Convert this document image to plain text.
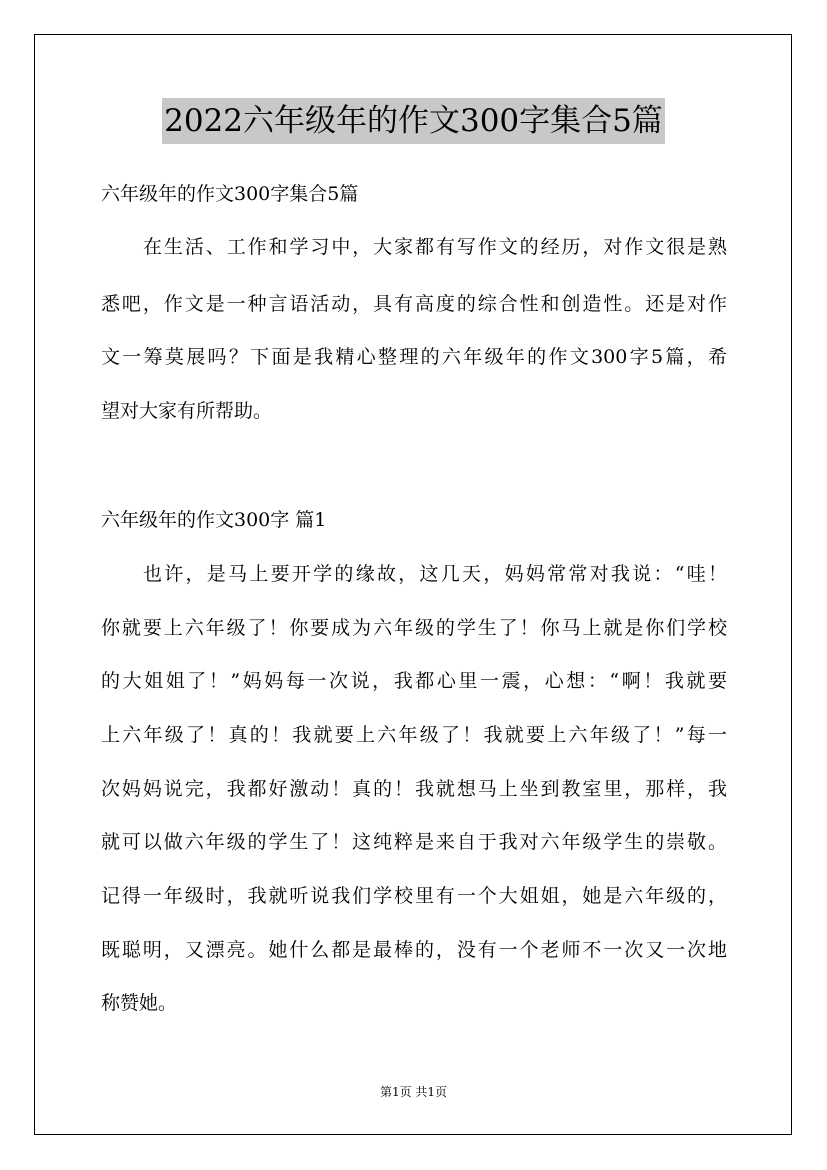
2022六年级年的作文300字集合5篇
六年级年的作文300字集合5篇
在生活、工作和学习中，大家都有写作文的经历，对作文很是熟
悉吧，作文是一种言语活动，具有高度的综合性和创造性。还是对作
文一筹莫展吗？下面是我精心整理的六年级年的作文300字5篇，希
望对大家有所帮助。
六年级年的作文300字 篇1
也许，是马上要开学的缘故，这几天，妈妈常常对我说：“哇！
你就要上六年级了！你要成为六年级的学生了！你马上就是你们学校
的大姐姐了！”妈妈每一次说，我都心里一震，心想：“啊！我就要
上六年级了！真的！我就要上六年级了！我就要上六年级了！”每一
次妈妈说完，我都好激动！真的！我就想马上坐到教室里，那样，我
就可以做六年级的学生了！这纯粹是来自于我对六年级学生的崇敬。
记得一年级时，我就听说我们学校里有一个大姐姐，她是六年级的，
既聪明，又漂亮。她什么都是最棒的，没有一个老师不一次又一次地
称赞她。
第1页 共1页
